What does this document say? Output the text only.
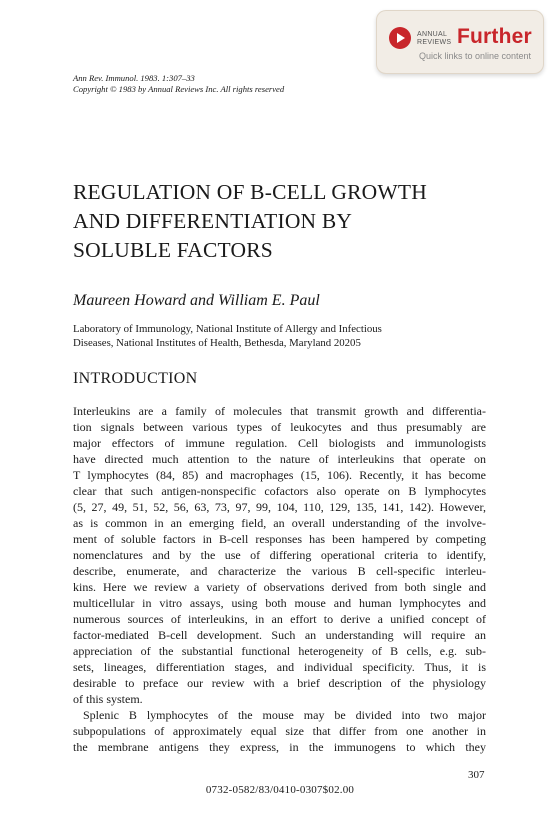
ANNUAL
REVIEWS Further
Quick links to online content
Ann Rev. Immunol. 1983. 1:307–33
Copyright © 1983 by Annual Reviews Inc. All rights reserved
REGULATION OF B-CELL GROWTH
AND DIFFERENTIATION BY
SOLUBLE FACTORS
Maureen Howard and William E. Paul
Laboratory of Immunology, National Institute of Allergy and Infectious
Diseases, National Institutes of Health, Bethesda, Maryland 20205
INTRODUCTION
Interleukins are a family of molecules that transmit growth and differentia-
tion signals between various types of leukocytes and thus presumably are
major effectors of immune regulation. Cell biologists and immunologists
have directed much attention to the nature of interleukins that operate on
T lymphocytes (84, 85) and macrophages (15, 106). Recently, it has become
clear that such antigen-nonspecific cofactors also operate on B lymphocytes
(5, 27, 49, 51, 52, 56, 63, 73, 97, 99, 104, 110, 129, 135, 141, 142). However,
as is common in an emerging field, an overall understanding of the involve-
ment of soluble factors in B-cell responses has been hampered by competing
nomenclatures and by the use of differing operational criteria to identify,
describe, enumerate, and characterize the various B cell-specific interleu-
kins. Here we review a variety of observations derived from both single and
multicellular in vitro assays, using both mouse and human lymphocytes and
numerous sources of interleukins, in an effort to derive a unified concept of
factor-mediated B-cell development. Such an understanding will require an
appreciation of the substantial functional heterogeneity of B cells, e.g. sub-
sets, lineages, differentiation stages, and individual specificity. Thus, it is
desirable to preface our review with a brief description of the physiology
of this system.
Splenic B lymphocytes of the mouse may be divided into two major
subpopulations of approximately equal size that differ from one another in
the membrane antigens they express, in the immunogens to which they
307
0732-0582/83/0410-0307$02.00
